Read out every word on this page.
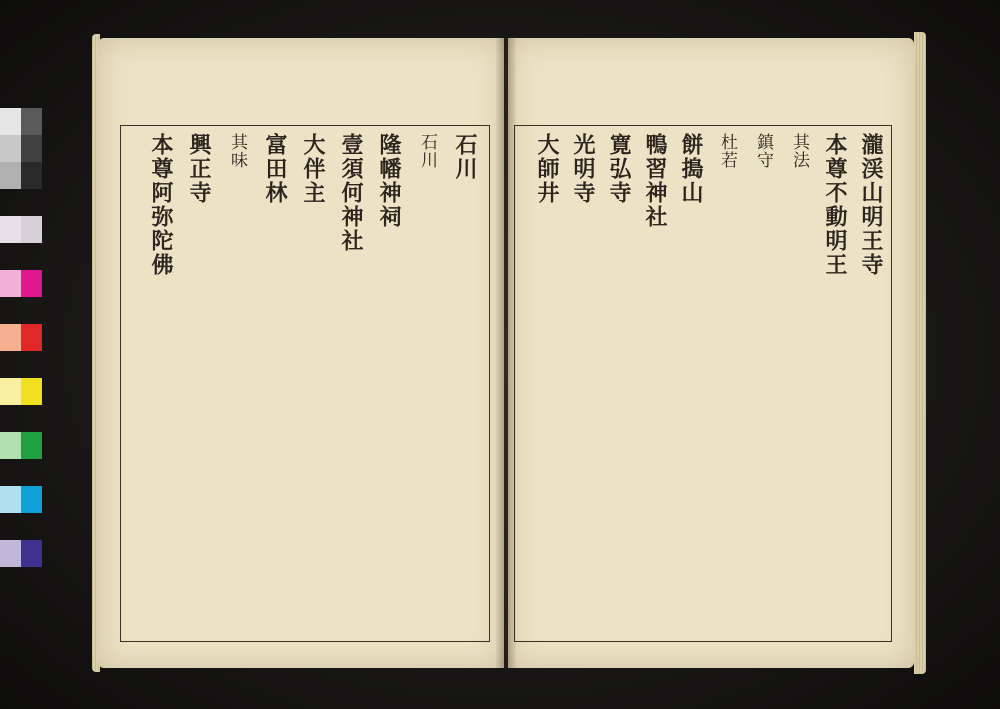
瀧渓山明王寺
本尊不動明王
其法
鎮守
杜若
餅搗山
鴨習神社
寛弘寺
光明寺
大師井
石川
石川
隆幡神祠
壹須何神社
大伴主
富田林
其味
興正寺
本尊阿弥陀佛
